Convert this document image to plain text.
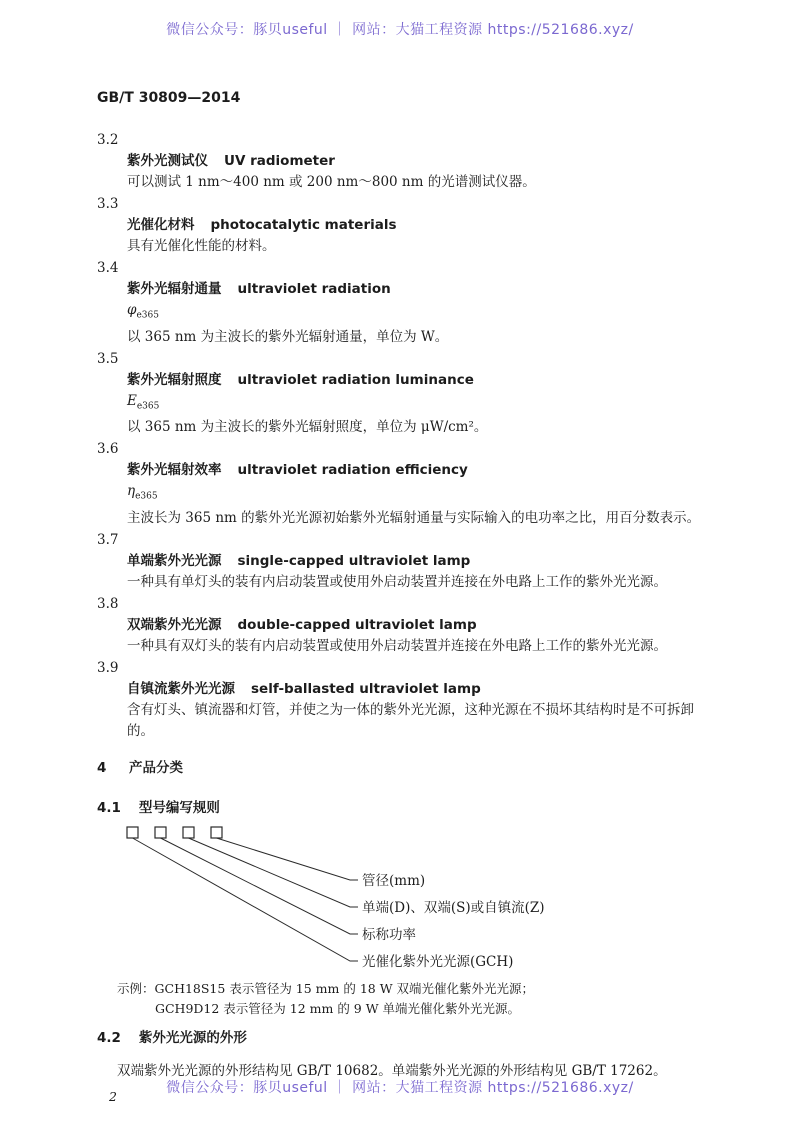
微信公众号：豚贝useful ｜ 网站：大猫工程资源 https://521686.xyz/
GB/T 30809—2014
3.2
紫外光测试仪 UV radiometer
可以测试 1 nm～400 nm 或 200 nm～800 nm 的光谱测试仪器。
3.3
光催化材料 photocatalytic materials
具有光催化性能的材料。
3.4
紫外光辐射通量 ultraviolet radiation
$\varphi_{e365}$
以 365 nm 为主波长的紫外光辐射通量，单位为 W。
3.5
紫外光辐射照度 ultraviolet radiation luminance
$E_{e365}$
以 365 nm 为主波长的紫外光辐射照度，单位为 μW/cm²。
3.6
紫外光辐射效率 ultraviolet radiation efficiency
$\eta_{e365}$
主波长为 365 nm 的紫外光光源初始紫外光辐射通量与实际输入的电功率之比，用百分数表示。
3.7
单端紫外光光源 single-capped ultraviolet lamp
一种具有单灯头的装有内启动装置或使用外启动装置并连接在外电路上工作的紫外光光源。
3.8
双端紫外光光源 double-capped ultraviolet lamp
一种具有双灯头的装有内启动装置或使用外启动装置并连接在外电路上工作的紫外光光源。
3.9
自镇流紫外光光源 self-ballasted ultraviolet lamp
含有灯头、镇流器和灯管，并使之为一体的紫外光光源，这种光源在不损坏其结构时是不可拆卸的。
4 产品分类
4.1 型号编写规则
管径(mm)
单端(D)、双端(S)或自镇流(Z)
标称功率
光催化紫外光光源(GCH)
示例：GCH18S15 表示管径为 15 mm 的 18 W 双端光催化紫外光光源；
GCH9D12 表示管径为 12 mm 的 9 W 单端光催化紫外光光源。
4.2 紫外光光源的外形
双端紫外光光源的外形结构见 GB/T 10682。单端紫外光光源的外形结构见 GB/T 17262。
2
微信公众号：豚贝useful ｜ 网站：大猫工程资源 https://521686.xyz/
